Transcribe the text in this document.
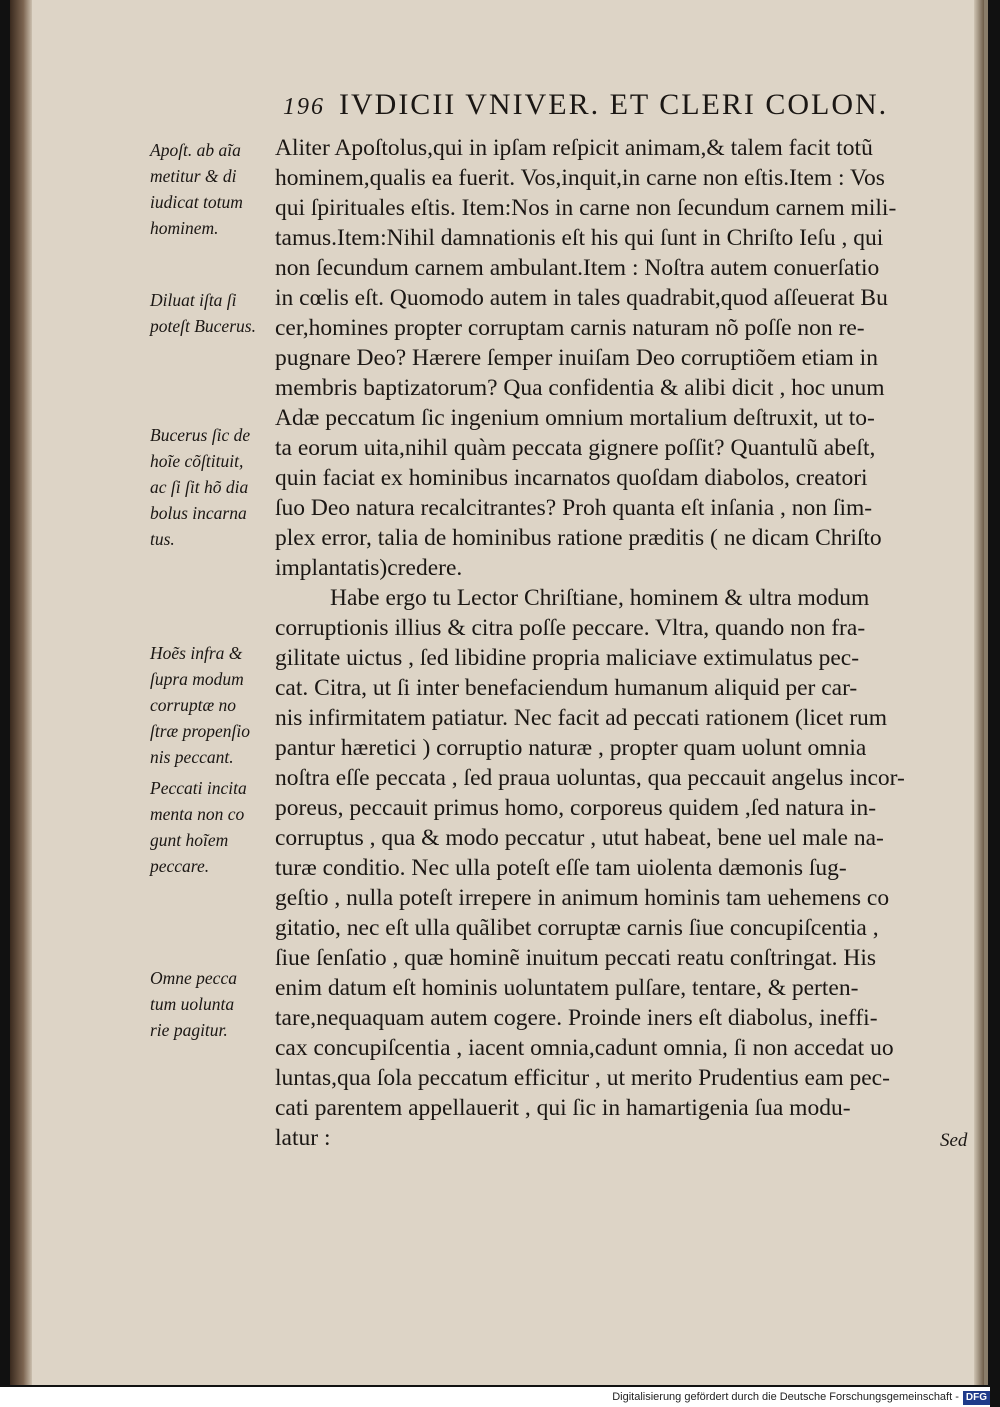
196 IVDICII VNIVER. ET CLERI COLON.
Aliter Apoſtolus,qui in ipſam reſpicit animam,& talem facit totũ
hominem,qualis ea fuerit. Vos,inquit,in carne non eſtis.Item : Vos
qui ſpirituales eſtis. Item:Nos in carne non ſecundum carnem mili-
tamus.Item:Nihil damnationis eſt his qui ſunt in Chriſto Ieſu , qui
non ſecundum carnem ambulant.Item : Noſtra autem conuerſatio
in cœlis eſt. Quomodo autem in tales quadrabit,quod aſſeuerat Bu
cer,homines propter corruptam carnis naturam nõ poſſe non re-
pugnare Deo? Hærere ſemper inuiſam Deo corruptiõem etiam in
membris baptizatorum? Qua confidentia & alibi dicit , hoc unum
Adæ peccatum ſic ingenium omnium mortalium deſtruxit, ut to-
ta eorum uita,nihil quàm peccata gignere poſſit? Quantulũ abeſt,
quin faciat ex hominibus incarnatos quoſdam diabolos, creatori
ſuo Deo natura recalcitrantes? Proh quanta eſt inſania , non ſim-
plex error, talia de hominibus ratione præditis ( ne dicam Chriſto
implantatis)credere.
Habe ergo tu Lector Chriſtiane, hominem & ultra modum
corruptionis illius & citra poſſe peccare. Vltra, quando non fra-
gilitate uictus , ſed libidine propria maliciave extimulatus pec-
cat. Citra, ut ſi inter benefaciendum humanum aliquid per car-
nis infirmitatem patiatur. Nec facit ad peccati rationem (licet rum
pantur hæretici ) corruptio naturæ , propter quam uolunt omnia
noſtra eſſe peccata , ſed praua uoluntas, qua peccauit angelus incor-
poreus, peccauit primus homo, corporeus quidem ,ſed natura in-
corruptus , qua & modo peccatur , utut habeat, bene uel male na-
turæ conditio. Nec ulla poteſt eſſe tam uiolenta dæmonis ſug-
geſtio , nulla poteſt irrepere in animum hominis tam uehemens co
gitatio, nec eſt ulla quãlibet corruptæ carnis ſiue concupiſcentia ,
ſiue ſenſatio , quæ hominẽ inuitum peccati reatu conſtringat. His
enim datum eſt hominis uoluntatem pulſare, tentare, & perten-
tare,nequaquam autem cogere. Proinde iners eſt diabolus, ineffi-
cax concupiſcentia , iacent omnia,cadunt omnia, ſi non accedat uo
luntas,qua ſola peccatum efficitur , ut merito Prudentius eam pec-
cati parentem appellauerit , qui ſic in hamartigenia ſua modu-
latur :
Apoſt. ab aĩa
metitur & di
iudicat totum
hominem.
Diluat iſta ſi
poteſt Bucerus.
Bucerus ſic de
hoĩe cõſtituit,
ac ſi ſit hõ dia
bolus incarna
tus.
Hoẽs infra &
ſupra modum
corruptæ no
ſtræ propenſio
nis peccant.
Peccati incita
menta non co
gunt hoĩem
peccare.
Omne pecca
tum uolunta
rie pagitur.
Sed
Digitalisierung gefördert durch die Deutsche Forschungsgemeinschaft - DFG
